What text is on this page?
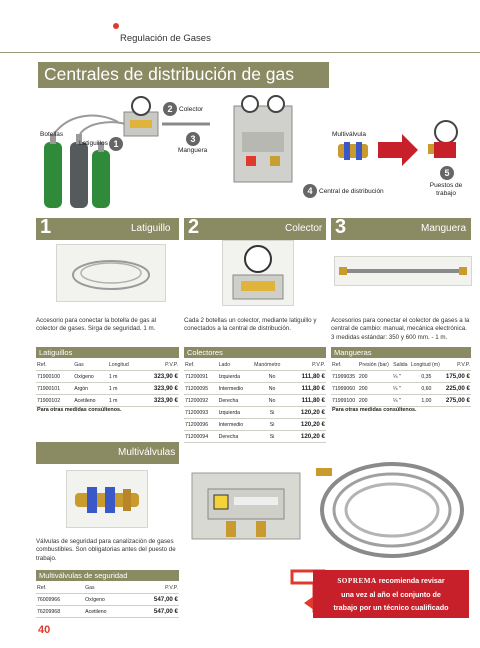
Regulación de Gases
Centrales de distribución de gas
Botellas
Latiguillos 1
2	Colector
3
Manguera
Multiválvula
4	Central de distribución
5
Puestos de trabajo
1	Latiguillo 2	Colector 3	Manguera
Accesorio para conectar la botella de gas al colector de gases. Sirga de seguridad. 1 m.
Cada 2 botellas un colector, mediante latiguillo y conectados a la central de distribución.
Accesorios para conectar el colector de gases a la central de cambio: manual, mecánica electrónica. 3 medidas estándar: 350 y 600 mm. - 1 m.
Latiguillos
Ref.	Gas	Longitud	P.V.P.
71900100	Oxígeno	1 m	323,90 €
71900101	Argón	1 m	323,90 €
71900102	Acetileno	1 m	323,90 €
Para otras medidas consúltenos.
Colectores
Ref.	Lado	Manómetro	P.V.P.
71200091	Izquierda	No	111,80 €
71200095	Intermedio	No	111,80 €
71200092	Derecha	No	111,80 €
71200093	Izquierda	Si	120,20 €
71200096	Intermedio	Si	120,20 €
71200094	Derecha	Si	120,20 €
Mangueras
Ref.	Presión (bar)	Salida	Longitud (m)	P.V.P.
71999035	200	¼ "	0,35	175,00 €
71999060	200	¼ "	0,60	225,00 €
71999100	200	¼ "	1,00	275,00 €
Para otras medidas consúltenos.
Multiválvulas
Válvulas de seguridad para canalización de gases combustibles. Son obligatorias antes del puesto de trabajo.
Multiválvulas de seguridad
Ref.	Gas	P.V.P.
76009966	Oxígeno	547,00 €
76209968	Acetileno	547,00 €
SOPREMA recomienda revisar
una vez al año el conjunto de
trabajo por un técnico cualificado
40
